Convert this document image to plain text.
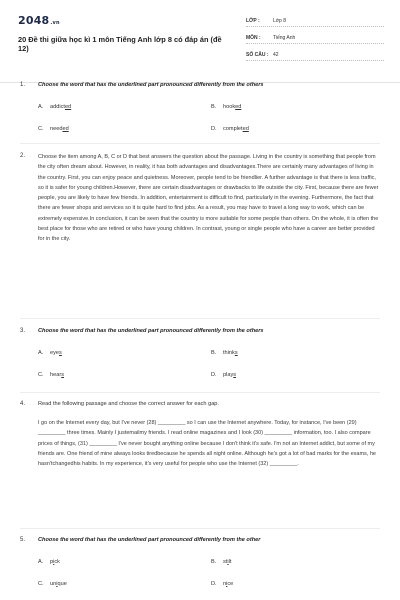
2048.vn
20 Đề thi giữa học kì 1 môn Tiếng Anh lớp 8 có đáp án (đề 12)
LỚP :	Lớp 8
MÔN :	Tiếng Anh
SỐ CÂU : 42
1. Choose the word that has the underlined part pronounced differently from the others
A. addicted	B. hooked
C. needed	D. completed
2. Choose the item among A, B, C or D that best answers the question about the passage. Living in the country is something that people from the city often dream about. However, in reality, it has both advantages and disadvantages.There are certainly many advantages of living in the country. First, you can enjoy peace and quietness. Moreover, people tend to be friendlier. A further advantage is that there is less traffic, so it is safer for young children.However, there are certain disadvantages or drawbacks to life outside the city. First, because there are fewer people, you are likely to have few friends. In addition, entertainment is difficult to find, particularly in the evening. Furthermore, the fact that there are fewer shops and services so it is quite hard to find jobs. As a result, you may have to travel a long way to work, which can be extremely expensive.In conclusion, it can be seen that the country is more suitable for some people than others. On the whole, it is often the best place for those who are retired or who have young children. In contrast, young or single people who have a career are better provided for in the city.

3. Choose the word that has the underlined part pronounced differently from the others
A. eyes	B. thinks
C. hears	D. plays
4. Read the following passage and choose the correct answer for each gap.

I go on the Internet every day, but I've never (28) _________ so I can use the Internet anywhere. Today, for instance, I've been (29) _________ three times. Mainly I justemailmy friends. I read online magazines and I look (30) _________ information, too. I also compare prices of things, (31) _________ I've never bought anything online because I don't think it's safe. I'm not an Internet addict, but some of my friends are. One friend of mine always looks tiredbecause he spends all night online. Although he's got a lot of bad marks for the exams, he hasn'tchangedhis habits. In my experience, it's very useful for people who use the Internet (32) _________.

5. Choose the word that has the underlined part pronounced differently from the other
A. pick	B. stilt
C. unique	D. nice
